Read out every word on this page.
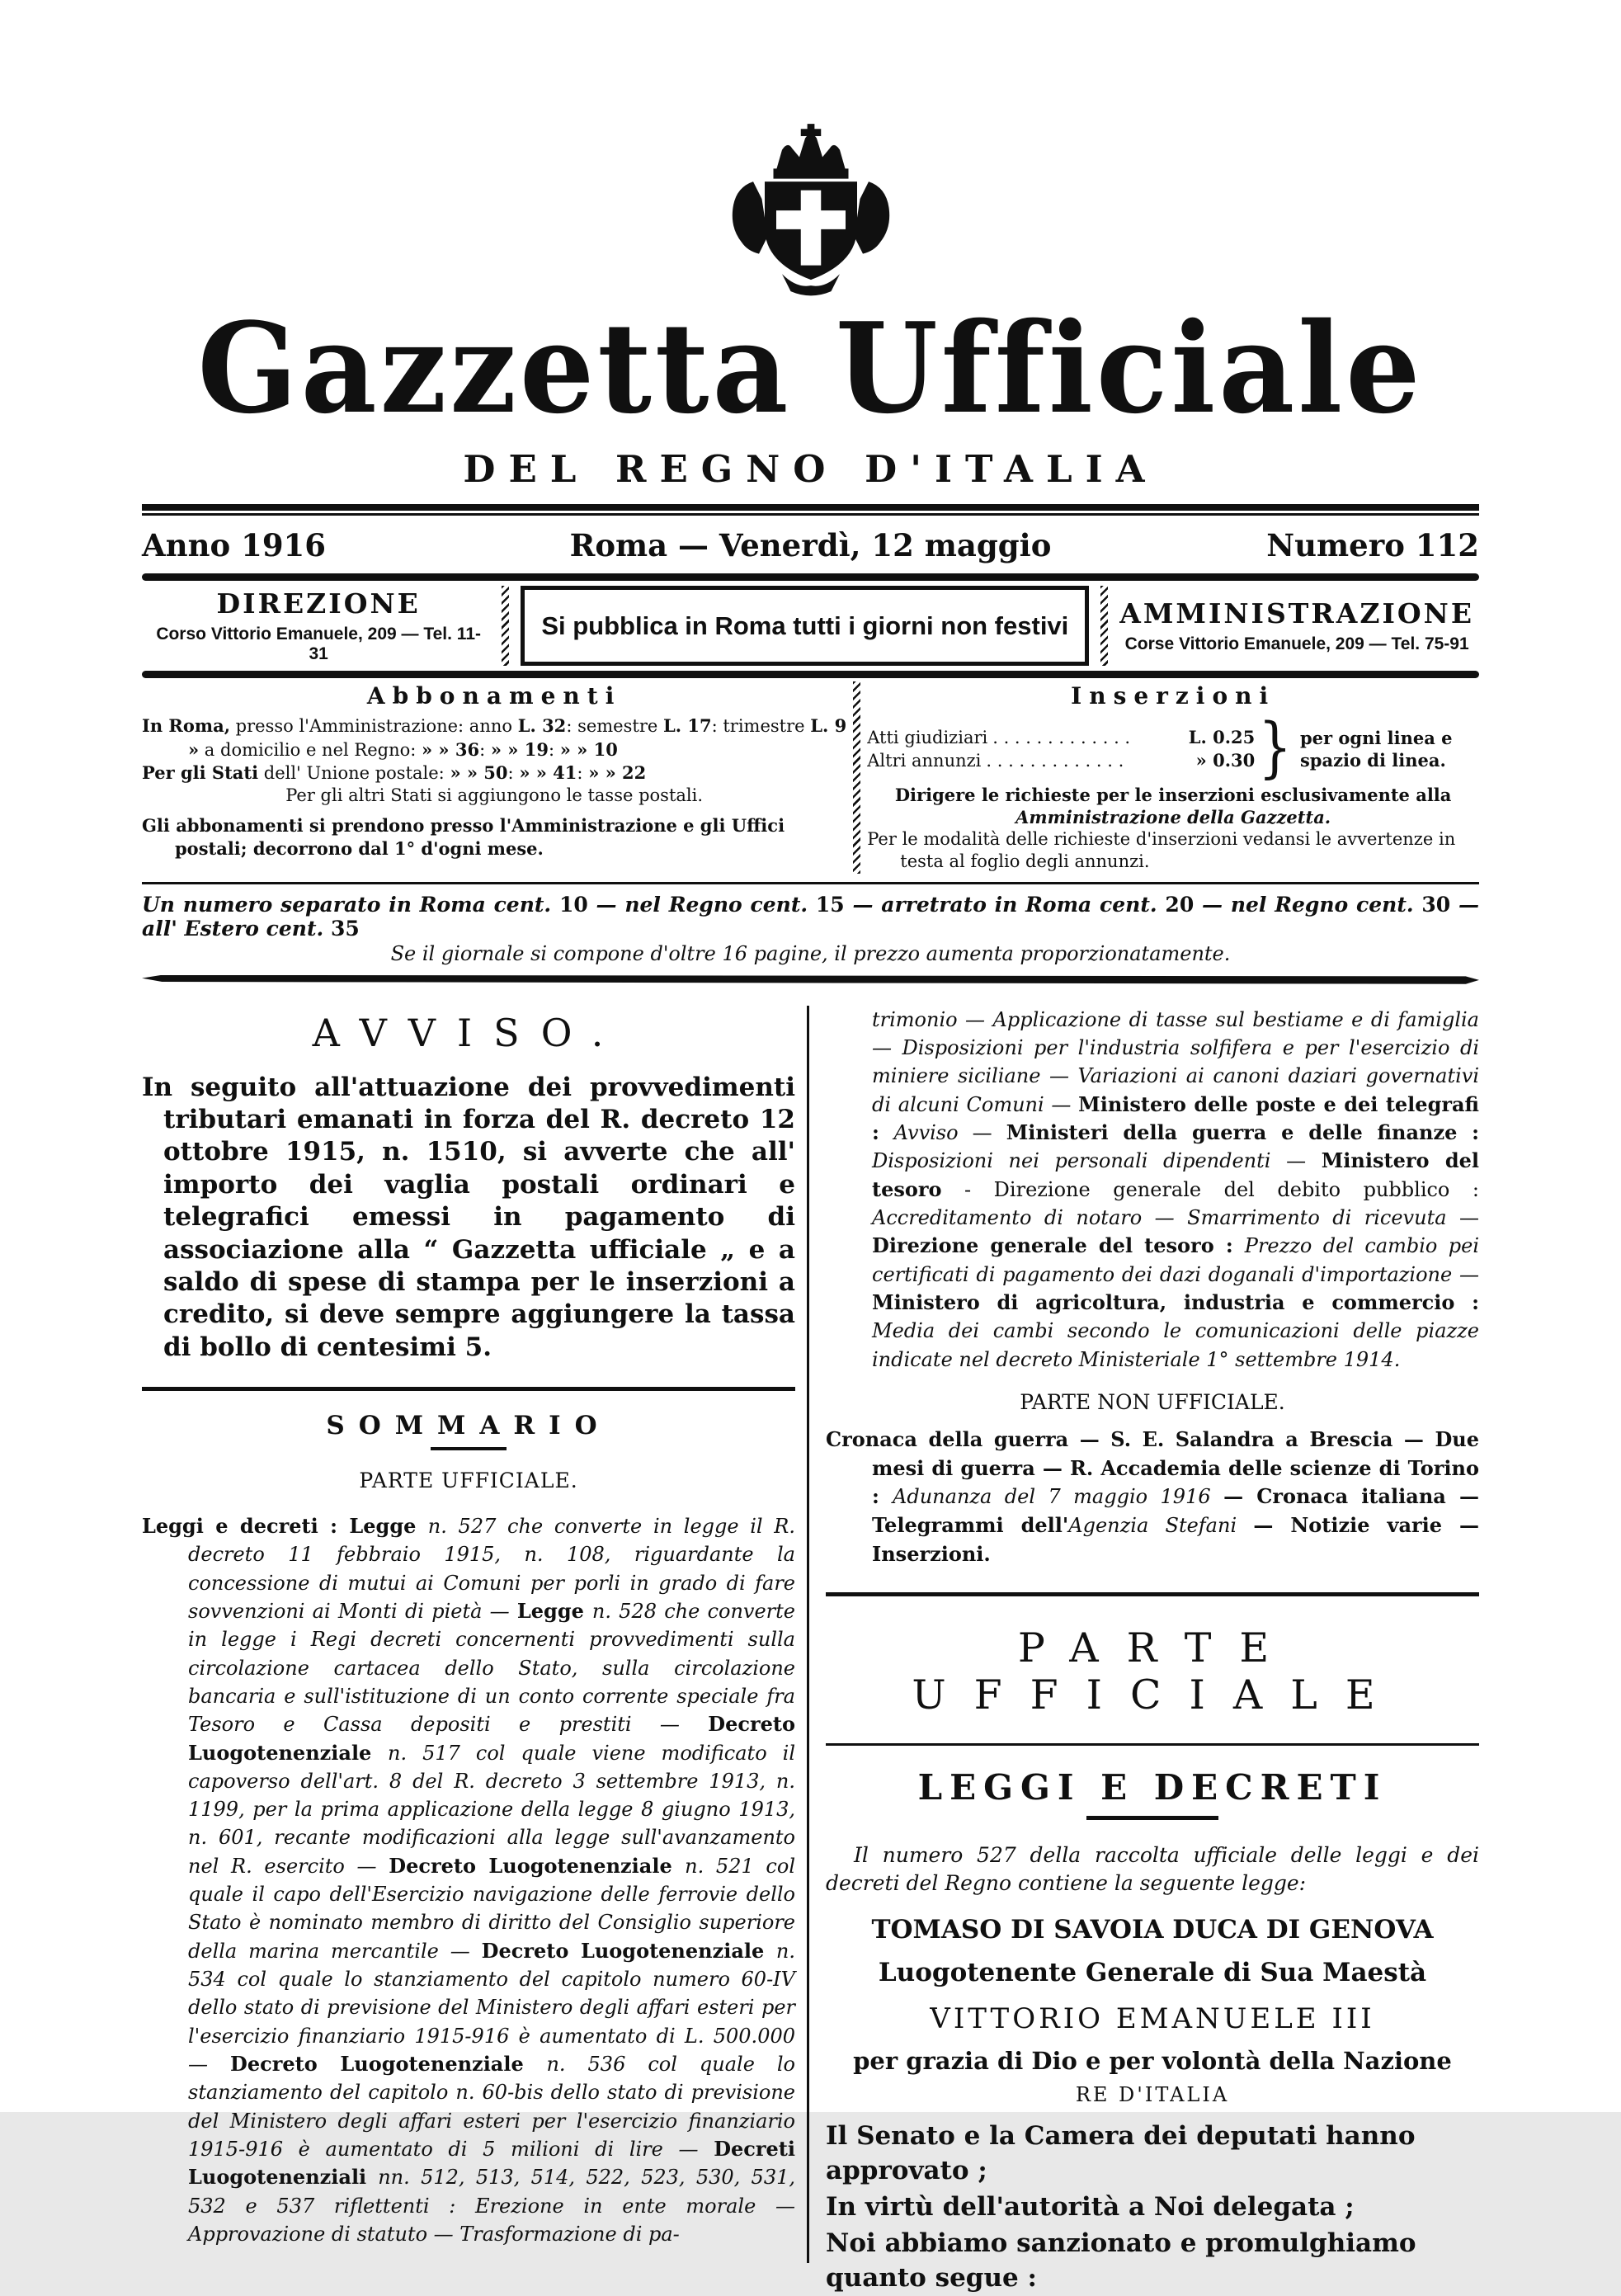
Gazzetta Ufficiale
DEL REGNO D'ITALIA
Anno 1916	Roma — Venerdì, 12 maggio	Numero 112
DIREZIONE
Corso Vittorio Emanuele, 209 — Tel. 11-31
Si pubblica in Roma tutti i giorni non festivi	AMMINISTRAZIONE
Corse Vittorio Emanuele, 209 — Tel. 75-91
Abbonamenti
In Roma, presso l'Amministrazione: anno L. 32: semestre L. 17: trimestre L. 9
» a domicilio e nel Regno: » » 36: » » 19: » » 10
Per gli Stati dell' Unione postale: » » 50: » » 41: » » 22
Per gli altri Stati si aggiungono le tasse postali.
Gli abbonamenti si prendono presso l'Amministrazione e gli Uffici postali; decorrono dal 1° d'ogni mese.
Inserzioni
Atti giudiziari . . . . . . . . . . . . .	L. 0.25
Altri annunzi . . . . . . . . . . . . .	» 0.30 } per ogni linea e spazio di linea.
Dirigere le richieste per le inserzioni esclusivamente alla
Amministrazione della Gazzetta.
Per le modalità delle richieste d'inserzioni vedansi le avvertenze in testa al foglio degli annunzi.
Un numero separato in Roma cent. 10 — nel Regno cent. 15 — arretrato in Roma cent. 20 — nel Regno cent. 30 — all' Estero cent. 35
Se il giornale si compone d'oltre 16 pagine, il prezzo aumenta proporzionatamente.
AVVISO.
In seguito all'attuazione dei provvedimenti tributari emanati in forza del R. decreto 12 ottobre 1915, n. 1510, si avverte che all' importo dei vaglia postali ordinari e telegrafici emessi in pagamento di associazione alla “ Gazzetta ufficiale „ e a saldo di spese di stampa per le inserzioni a credito, si deve sempre aggiungere la tassa di bollo di centesimi 5.
SOMMARIO
PARTE UFFICIALE.
Leggi e decreti : Legge n. 527 che converte in legge il R. decreto 11 febbraio 1915, n. 108, riguardante la concessione di mutui ai Comuni per porli in grado di fare sovvenzioni ai Monti di pietà — Legge n. 528 che converte in legge i Regi decreti concernenti provvedimenti sulla circolazione cartacea dello Stato, sulla circolazione bancaria e sull'istituzione di un conto corrente speciale fra Tesoro e Cassa depositi e prestiti — Decreto Luogotenenziale n. 517 col quale viene modificato il capoverso dell'art. 8 del R. decreto 3 settembre 1913, n. 1199, per la prima applicazione della legge 8 giugno 1913, n. 601, recante modificazioni alla legge sull'avanzamento nel R. esercito — Decreto Luogotenenziale n. 521 col quale il capo dell'Esercizio navigazione delle ferrovie dello Stato è nominato membro di diritto del Consiglio superiore della marina mercantile — Decreto Luogotenenziale n. 534 col quale lo stanziamento del capitolo numero 60-IV dello stato di previsione del Ministero degli affari esteri per l'esercizio finanziario 1915-916 è aumentato di L. 500.000 — Decreto Luogotenenziale n. 536 col quale lo stanziamento del capitolo n. 60-bis dello stato di previsione del Ministero degli affari esteri per l'esercizio finanziario 1915-916 è aumentato di 5 milioni di lire — Decreti Luogotenenziali nn. 512, 513, 514, 522, 523, 530, 531, 532 e 537 riflettenti : Erezione in ente morale — Approvazione di statuto — Trasformazione di pa-
trimonio — Applicazione di tasse sul bestiame e di famiglia — Disposizioni per l'industria solfifera e per l'esercizio di miniere siciliane — Variazioni ai canoni daziari governativi di alcuni Comuni — Ministero delle poste e dei telegrafi : Avviso — Ministeri della guerra e delle finanze : Disposizioni nei personali dipendenti — Ministero del tesoro - Direzione generale del debito pubblico : Accreditamento di notaro — Smarrimento di ricevuta — Direzione generale del tesoro : Prezzo del cambio pei certificati di pagamento dei dazi doganali d'importazione — Ministero di agricoltura, industria e commercio : Media dei cambi secondo le comunicazioni delle piazze indicate nel decreto Ministeriale 1° settembre 1914.
PARTE NON UFFICIALE.
Cronaca della guerra — S. E. Salandra a Brescia — Due mesi di guerra — R. Accademia delle scienze di Torino : Adunanza del 7 maggio 1916 — Cronaca italiana — Telegrammi dell'Agenzia Stefani — Notizie varie — Inserzioni.
PARTE UFFICIALE
LEGGI E DECRETI
Il numero 527 della raccolta ufficiale delle leggi e dei decreti del Regno contiene la seguente legge:
TOMASO DI SAVOIA DUCA DI GENOVA
Luogotenente Generale di Sua Maestà
VITTORIO EMANUELE III
per grazia di Dio e per volontà della Nazione
RE D'ITALIA
Il Senato e la Camera dei deputati hanno approvato ;
In virtù dell'autorità a Noi delegata ;
Noi abbiamo sanzionato e promulghiamo quanto segue :
